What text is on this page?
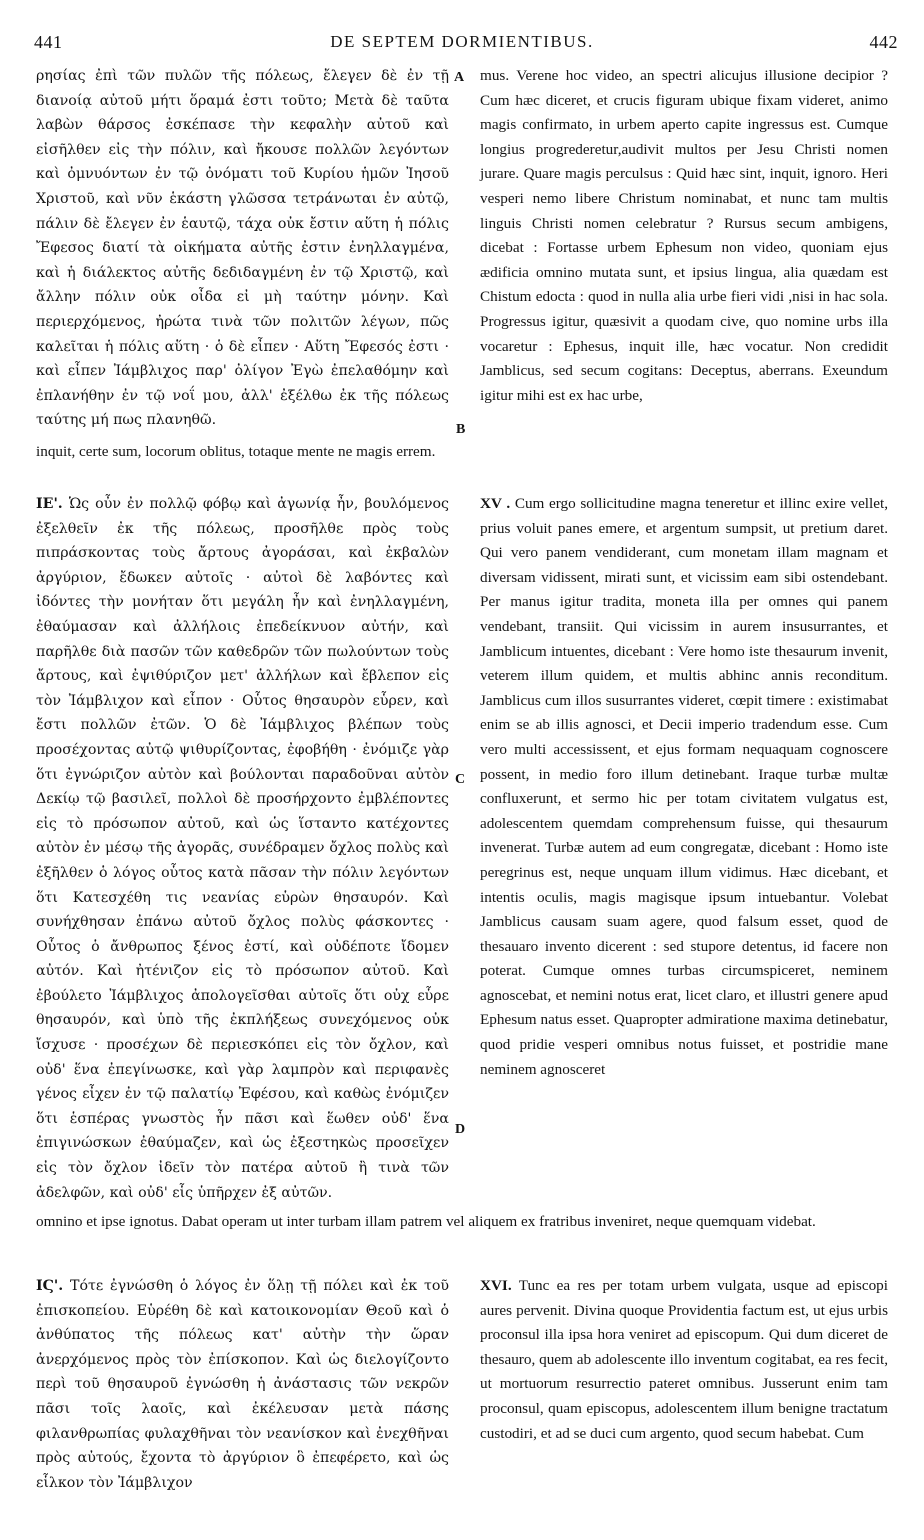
441	DE SEPTEM DORMIENTIBUS.	442
A
B
C
D

ρησίας ἐπὶ τῶν πυλῶν τῆς πόλεως, ἔλεγεν δὲ ἐν τῇ διανοίᾳ αὐτοῦ μήτι ὅραμά ἐστι τοῦτο; Μετὰ δὲ ταῦτα λαβὼν θάρσος ἐσκέπασε τὴν κεφαλὴν αὐτοῦ καὶ εἰσῆλθεν εἰς τὴν πόλιν, καὶ ἤκουσε πολλῶν λεγόντων καὶ ὀμνυόντων ἐν τῷ ὀνόματι τοῦ Κυρίου ἡμῶν Ἰησοῦ Χριστοῦ, καὶ νῦν ἑκάστη γλῶσσα τετράνωται ἐν αὐτῷ, πάλιν δὲ ἔλεγεν ἐν ἑαυτῷ, τάχα οὐκ ἔστιν αὕτη ἡ πόλις Ἔφεσος διατί τὰ οἰκήματα αὐτῆς ἐστιν ἐνηλλαγμένα, καὶ ἡ διάλεκτος αὐτῆς δεδιδαγμένη ἐν τῷ Χριστῷ, καὶ ἄλλην πόλιν οὐκ οἶδα εἰ μὴ ταύτην μόνην. Καὶ περιερχόμενος, ἠρώτα τινὰ τῶν πολιτῶν λέγων, πῶς καλεῖται ἡ πόλις αὕτη · ὁ δὲ εἶπεν · Αὕτη Ἔφεσός ἐστι · καὶ εἶπεν Ἰάμβλιχος παρ' ὀλίγον Ἐγὼ ἐπελαθόμην καὶ ἐπλανήθην ἐν τῷ νοΐ μου, ἀλλ' ἐξέλθω ἐκ τῆς πόλεως ταύτης μή πως πλανηθῶ.

mus. Verene hoc video, an spectri alicujus illusione decipior ? Cum hæc diceret, et crucis figuram ubique fixam videret, animo magis confirmato, in urbem aperto capite ingressus est. Cumque longius progrederetur,audivit multos per Jesu Christi nomen jurare. Quare magis perculsus : Quid hæc sint, inquit, ignoro. Heri vesperi nemo libere Christum nominabat, et nunc tam multis linguis Christi nomen celebratur ? Rursus secum ambigens, dicebat : Fortasse urbem Ephesum non video, quoniam ejus ædificia omnino mutata sunt, et ipsius lingua, alia quædam est Chistum edocta : quod in nulla alia urbe fieri vidi ,nisi in hac sola. Progressus igitur, quæsivit a quodam cive, quo nomine urbs illa vocaretur : Ephesus, inquit ille, hæc vocatur. Non credidit Jamblicus, sed secum cogitans: Deceptus, aberrans. Exeundum igitur mihi est ex hac urbe,

inquit, certe sum, locorum oblitus, totaque mente ne magis errem.

ΙΕ'. Ὡς οὖν ἐν πολλῷ φόβῳ καὶ ἀγωνίᾳ ἦν, βουλόμενος ἐξελθεῖν ἐκ τῆς πόλεως, προσῆλθε πρὸς τοὺς πιπράσκοντας τοὺς ἄρτους ἀγοράσαι, καὶ ἐκβαλὼν ἀργύριον, ἔδωκεν αὐτοῖς · αὐτοὶ δὲ λαβόντες καὶ ἰδόντες τὴν μονήταν ὅτι μεγάλη ἦν καὶ ἐνηλλαγμένη, ἐθαύμασαν καὶ ἀλλήλοις ἐπεδείκνυον αὐτήν, καὶ παρῆλθε διὰ πασῶν τῶν καθεδρῶν τῶν πωλούντων τοὺς ἄρτους, καὶ ἐψιθύριζον μετ' ἀλλήλων καὶ ἔβλεπον εἰς τὸν Ἰάμβλιχον καὶ εἶπον · Οὗτος θησαυρὸν εὗρεν, καὶ ἔστι πολλῶν ἐτῶν. Ὁ δὲ Ἰάμβλιχος βλέπων τοὺς προσέχοντας αὐτῷ ψιθυρίζοντας, ἐφοβήθη · ἐνόμιζε γὰρ ὅτι ἐγνώριζον αὐτὸν καὶ βούλονται παραδοῦναι αὐτὸν Δεκίῳ τῷ βασιλεῖ, πολλοὶ δὲ προσήρχοντο ἐμβλέποντες εἰς τὸ πρόσωπον αὐτοῦ, καὶ ὡς ἵσταντο κατέχοντες αὐτὸν ἐν μέσῳ τῆς ἀγορᾶς, συνέδραμεν ὄχλος πολὺς καὶ ἐξῆλθεν ὁ λόγος οὗτος κατὰ πᾶσαν τὴν πόλιν λεγόντων ὅτι Κατεσχέθη τις νεανίας εὑρὼν θησαυρόν. Καὶ συνήχθησαν ἐπάνω αὐτοῦ ὄχλος πολὺς φάσκοντες · Οὗτος ὁ ἄνθρωπος ξένος ἐστί, καὶ οὐδέποτε ἴδομεν αὐτόν. Καὶ ἠτένιζον εἰς τὸ πρόσωπον αὐτοῦ. Καὶ ἐβούλετο Ἰάμβλιχος ἀπολογεῖσθαι αὐτοῖς ὅτι οὐχ εὗρε θησαυρόν, καὶ ὑπὸ τῆς ἐκπλήξεως συνεχόμενος οὐκ ἴσχυσε · προσέχων δὲ περιεσκόπει εἰς τὸν ὄχλον, καὶ οὐδ' ἕνα ἐπεγίνωσκε, καὶ γὰρ λαμπρὸν καὶ περιφανὲς γένος εἶχεν ἐν τῷ παλατίῳ Ἐφέσου, καὶ καθὼς ἐνόμιζεν ὅτι ἑσπέρας γνωστὸς ἦν πᾶσι καὶ ἕωθεν οὐδ' ἕνα ἐπιγινώσκων ἐθαύμαζεν, καὶ ὡς ἐξεστηκὼς προσεῖχεν εἰς τὸν ὄχλον ἰδεῖν τὸν πατέρα αὐτοῦ ἢ τινὰ τῶν ἀδελφῶν, καὶ οὐδ' εἷς ὑπῆρχεν ἐξ αὐτῶν.

XV . Cum ergo sollicitudine magna teneretur et illinc exire vellet, prius voluit panes emere, et argentum sumpsit, ut pretium daret. Qui vero panem vendiderant, cum monetam illam magnam et diversam vidissent, mirati sunt, et vicissim eam sibi ostendebant. Per manus igitur tradita, moneta illa per omnes qui panem vendebant, transiit. Qui vicissim in aurem insusurrantes, et Jamblicum intuentes, dicebant : Vere homo iste thesaurum invenit, veterem illum quidem, et multis abhinc annis reconditum. Jamblicus cum illos susurrantes videret, cœpit timere : existimabat enim se ab illis agnosci, et Decii imperio tradendum esse. Cum vero multi accessissent, et ejus formam nequaquam cognoscere possent, in medio foro illum detinebant. Iraque turbæ multæ confluxerunt, et sermo hic per totam civitatem vulgatus est, adolescentem quemdam comprehensum fuisse, qui thesaurum invenerat. Turbæ autem ad eum congregatæ, dicebant : Homo iste peregrinus est, neque unquam illum vidimus. Hæc dicebant, et intentis oculis, magis magisque ipsum intuebantur. Volebat Jamblicus causam suam agere, quod falsum esset, quod de thesauaro invento dicerent : sed stupore detentus, id facere non poterat. Cumque omnes turbas circumspiceret, neminem agnoscebat, et nemini notus erat, licet claro, et illustri genere apud Ephesum natus esset. Quapropter admiratione maxima detinebatur, quod pridie vesperi omnibus notus fuisset, et postridie mane neminem agnosceret

omnino et ipse ignotus. Dabat operam ut inter turbam illam patrem vel aliquem ex fratribus inveniret, neque quemquam videbat.

ΙϚ'. Τότε ἐγνώσθη ὁ λόγος ἐν ὅλῃ τῇ πόλει καὶ ἐκ τοῦ ἐπισκοπείου. Εὑρέθη δὲ καὶ κατοικονομίαν Θεοῦ καὶ ὁ ἀνθύπατος τῆς πόλεως κατ' αὐτὴν τὴν ὥραν ἀνερχόμενος πρὸς τὸν ἐπίσκοπον. Καὶ ὡς διελογίζοντο περὶ τοῦ θησαυροῦ ἐγνώσθη ἡ ἀνάστασις τῶν νεκρῶν πᾶσι τοῖς λαοῖς, καὶ ἐκέλευσαν μετὰ πάσης φιλανθρωπίας φυλαχθῆναι τὸν νεανίσκον καὶ ἐνεχθῆναι πρὸς αὐτούς, ἔχοντα τὸ ἀργύριον ὃ ἐπεφέρετο, καὶ ὡς εἷλκον τὸν Ἰάμβλιχον

XVI. Tunc ea res per totam urbem vulgata, usque ad episcopi aures pervenit. Divina quoque Providentia factum est, ut ejus urbis proconsul illa ipsa hora veniret ad episcopum. Qui dum diceret de thesauro, quem ab adolescente illo inventum cogitabat, ea res fecit, ut mortuorum resurrectio pateret omnibus. Jusserunt enim tam proconsul, quam episcopus, adolescentem illum benigne tractatum custodiri, et ad se duci cum argento, quod secum habebat. Cum
